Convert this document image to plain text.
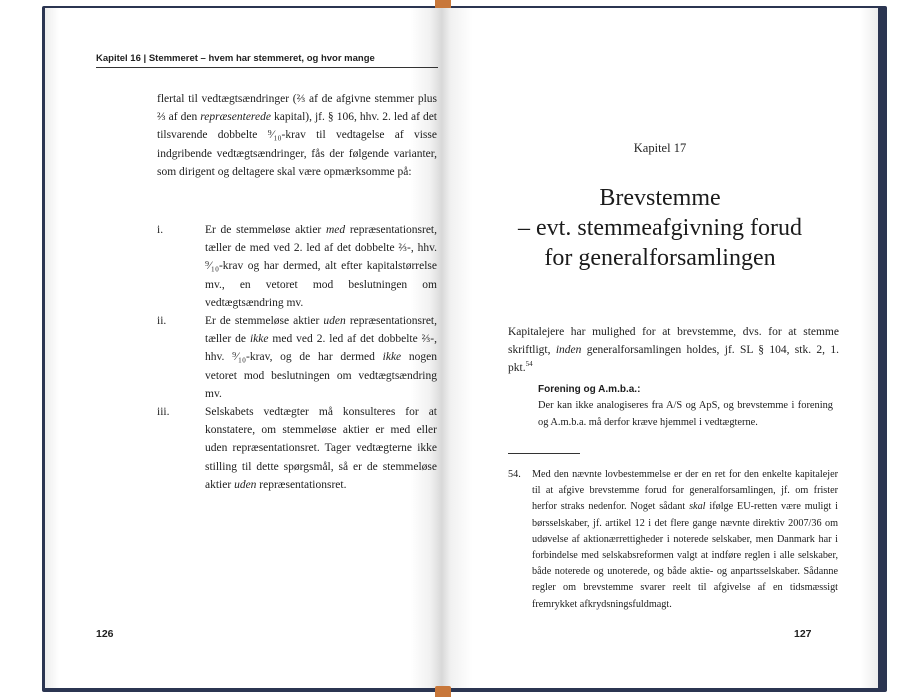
Kapitel 16 | Stemmeret – hvem har stemmeret, og hvor mange
flertal til vedtægtsændringer (⅔ af de afgivne stemmer plus ⅔ af den repræsenterede kapital), jf. § 106, hhv. 2. led af det tilsvarende dobbelte ⁹⁄₁₀-krav til vedtagelse af visse indgribende vedtægtsændringer, fås der følgende varianter, som dirigent og deltagere skal være opmærksomme på:
i.	Er de stemmeløse aktier med repræsentationsret, tæller de med ved 2. led af det dobbelte ⅔-, hhv. ⁹⁄₁₀-krav og har dermed, alt efter kapitalstørrelse mv., en vetoret mod beslutningen om vedtægtsændring mv.
ii.	Er de stemmeløse aktier uden repræsentationsret, tæller de ikke med ved 2. led af det dobbelte ⅔-, hhv. ⁹⁄₁₀-krav, og de har dermed ikke nogen vetoret mod beslutningen om vedtægtsændring mv.
iii.	Selskabets vedtægter må konsulteres for at konstatere, om stemmeløse aktier er med eller uden repræsentationsret. Tager vedtægterne ikke stilling til dette spørgsmål, så er de stemmeløse aktier uden repræsentationsret.
126
Kapitel 17
Brevstemme
– evt. stemmeafgivning forud
for generalforsamlingen
Kapitalejere har mulighed for at brevstemme, dvs. for at stemme skriftligt, inden generalforsamlingen holdes, jf. SL § 104, stk. 2, 1. pkt.$^{54}$
Forening og A.m.b.a.:
Der kan ikke analogiseres fra A/S og ApS, og brevstemme i forening og A.m.b.a. må derfor kræve hjemmel i vedtægterne.
54. Med den nævnte lovbestemmelse er der en ret for den enkelte kapitalejer til at afgive brevstemme forud for generalforsamlingen, jf. om frister herfor straks nedenfor. Noget sådant skal ifølge EU-retten være muligt i børsselskaber, jf. artikel 12 i det flere gange nævnte direktiv 2007/36 om udøvelse af aktionærrettigheder i noterede selskaber, men Danmark har i forbindelse med selskabsreformen valgt at indføre reglen i alle selskaber, både noterede og unoterede, og både aktie- og anpartsselskaber. Sådanne regler om brevstemme svarer reelt til afgivelse af en tidsmæssigt fremrykket afkrydsningsfuldmagt.
127
